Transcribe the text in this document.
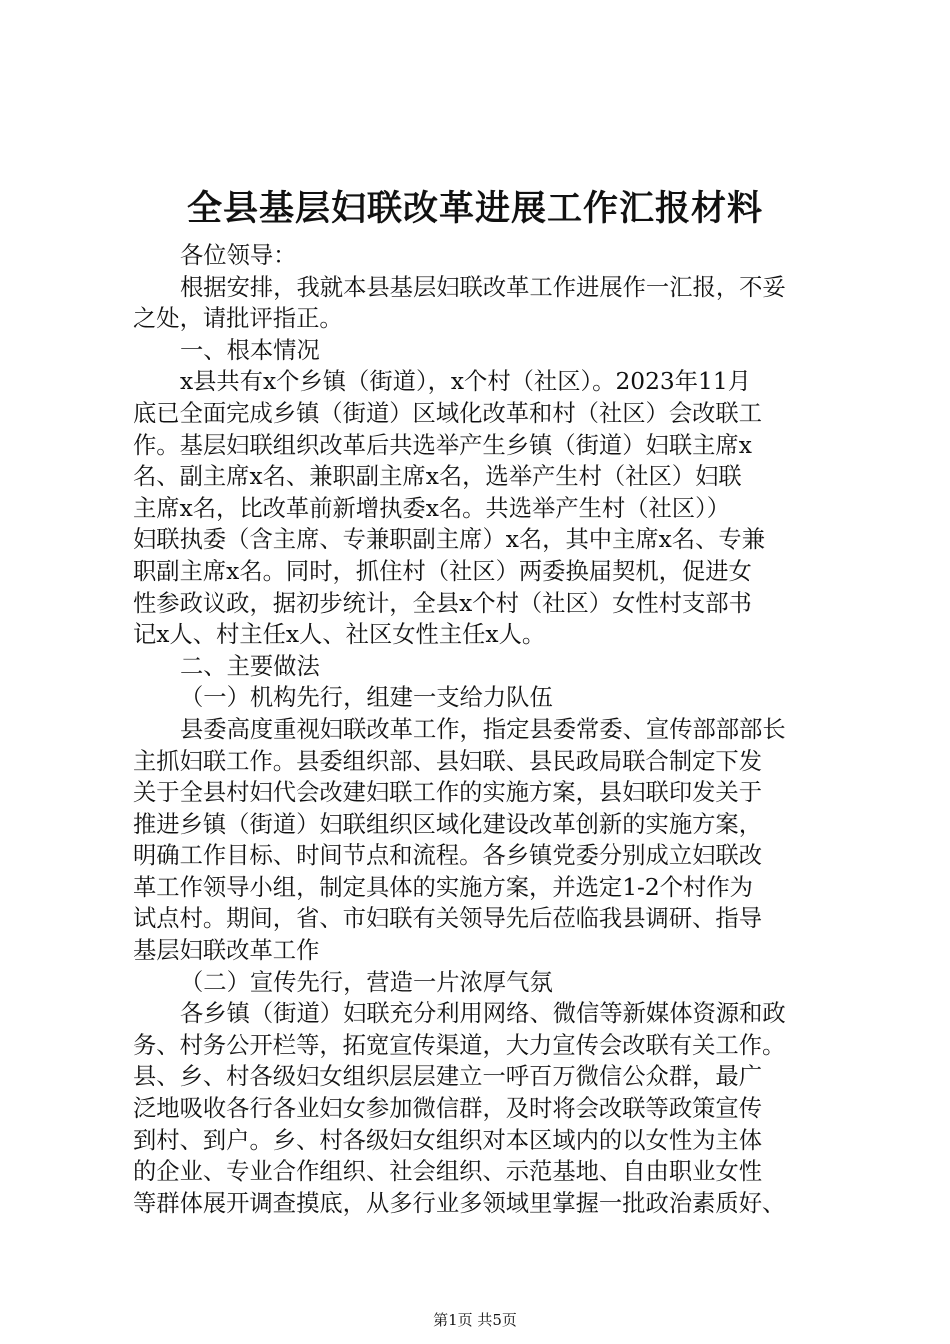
全县基层妇联改革进展工作汇报材料
各位领导：
根据安排，我就本县基层妇联改革工作进展作一汇报，不妥
之处，请批评指正。
一、根本情况
x县共有x个乡镇（街道），x个村（社区）。2023年11月
底已全面完成乡镇（街道）区域化改革和村（社区）会改联工
作。基层妇联组织改革后共选举产生乡镇（街道）妇联主席x
名、副主席x名、兼职副主席x名，选举产生村（社区）妇联
主席x名，比改革前新增执委x名。共选举产生村（社区））
妇联执委（含主席、专兼职副主席）x名，其中主席x名、专兼
职副主席x名。同时，抓住村（社区）两委换届契机，促进女
性参政议政，据初步统计，全县x个村（社区）女性村支部书
记x人、村主任x人、社区女性主任x人。
二、主要做法
（一）机构先行，组建一支给力队伍
县委高度重视妇联改革工作，指定县委常委、宣传部部部长
主抓妇联工作。县委组织部、县妇联、县民政局联合制定下发
关于全县村妇代会改建妇联工作的实施方案，县妇联印发关于
推进乡镇（街道）妇联组织区域化建设改革创新的实施方案，
明确工作目标、时间节点和流程。各乡镇党委分别成立妇联改
革工作领导小组，制定具体的实施方案，并选定1-2个村作为
试点村。期间，省、市妇联有关领导先后莅临我县调研、指导
基层妇联改革工作
（二）宣传先行，营造一片浓厚气氛
各乡镇（街道）妇联充分利用网络、微信等新媒体资源和政
务、村务公开栏等，拓宽宣传渠道，大力宣传会改联有关工作。
县、乡、村各级妇女组织层层建立一呼百万微信公众群，最广
泛地吸收各行各业妇女参加微信群，及时将会改联等政策宣传
到村、到户。乡、村各级妇女组织对本区域内的以女性为主体
的企业、专业合作组织、社会组织、示范基地、自由职业女性
等群体展开调查摸底，从多行业多领域里掌握一批政治素质好、
第1页 共5页
